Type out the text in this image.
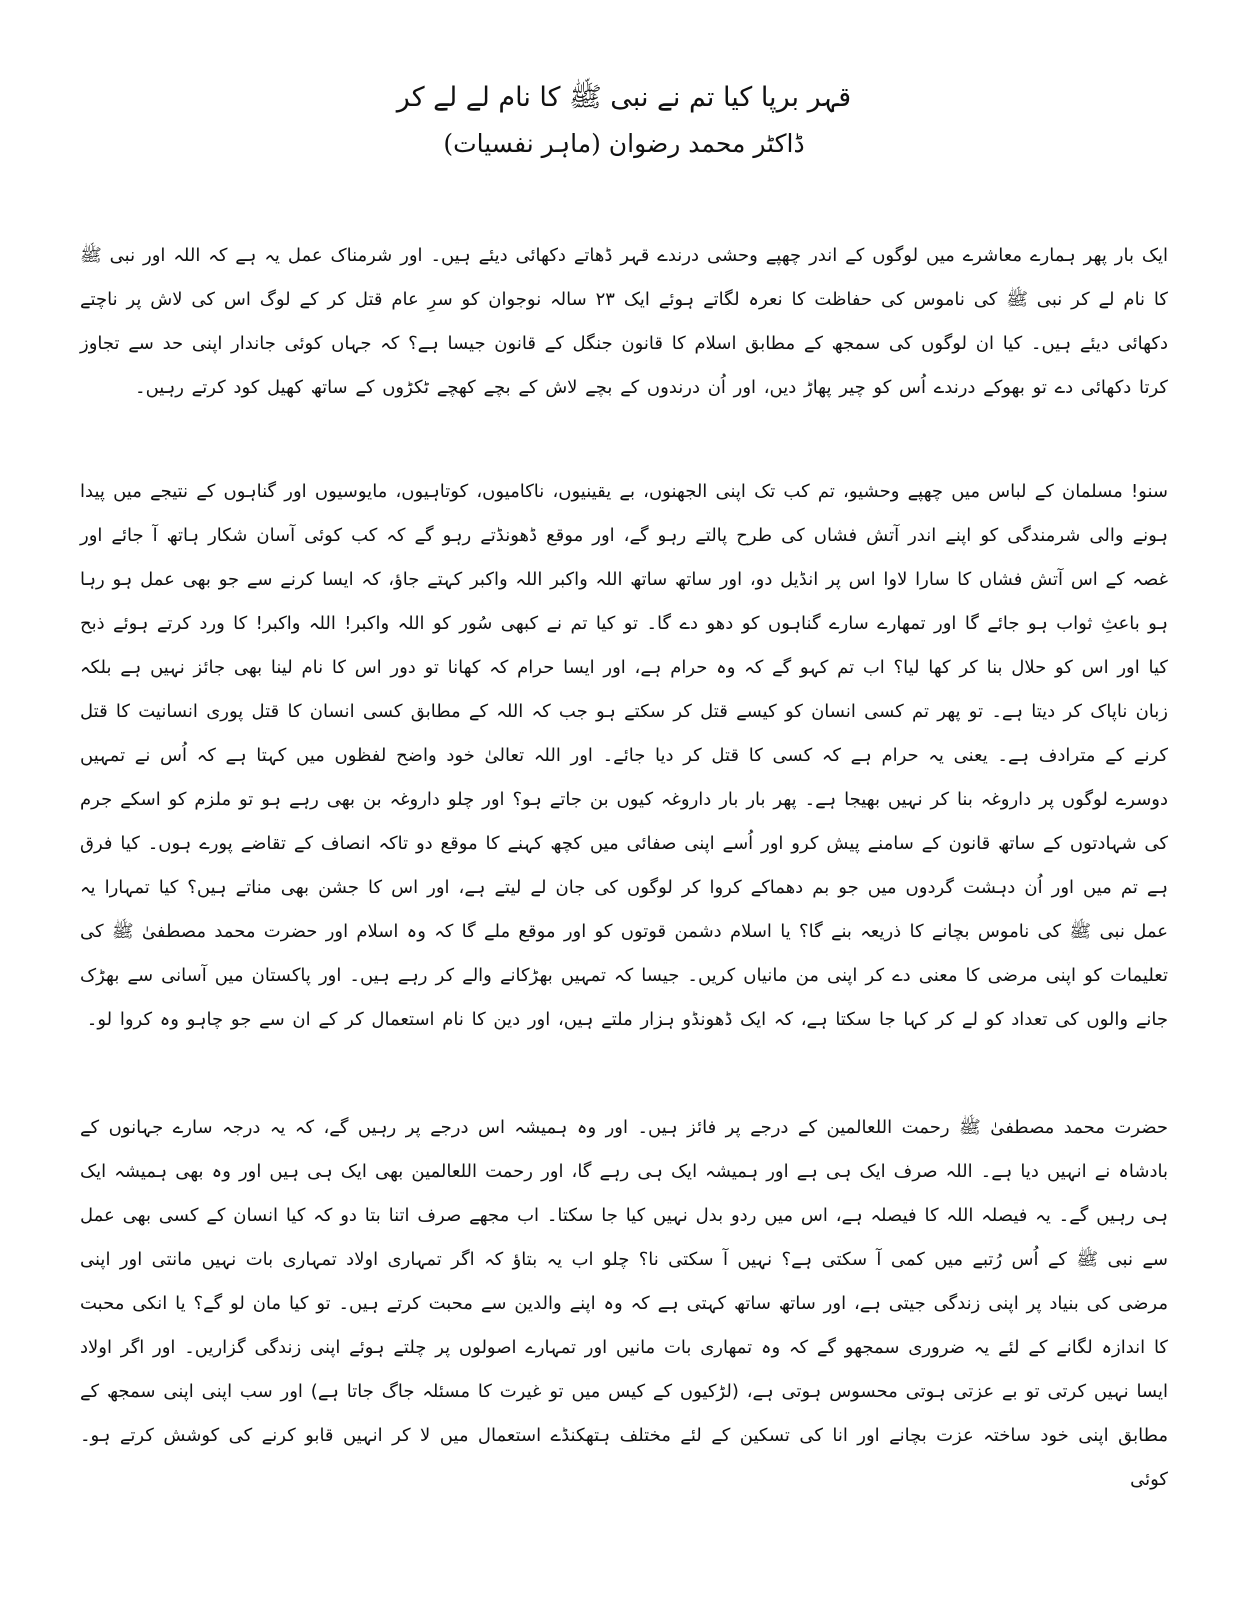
قہر برپا کیا تم نے نبی ﷺ کا نام لے لے کر
ڈاکٹر محمد رضوان (ماہر نفسیات)

ایک بار پھر ہمارے معاشرے میں لوگوں کے اندر چھپے وحشی درندے قہر ڈھاتے دکھائی دیئے ہیں۔ اور شرمناک عمل یہ ہے کہ اللہ اور نبی ﷺ کا نام لے کر نبی ﷺ کی ناموس کی حفاظت کا نعرہ لگاتے ہوئے ایک ۲۳ سالہ نوجوان کو سرِ عام قتل کر کے لوگ اس کی لاش پر ناچتے دکھائی دیئے ہیں۔ کیا ان لوگوں کی سمجھ کے مطابق اسلام کا قانون جنگل کے قانون جیسا ہے؟ کہ جہاں کوئی جاندار اپنی حد سے تجاوز کرتا دکھائی دے تو بھوکے درندے اُس کو چیر پھاڑ دیں، اور اُن درندوں کے بچے لاش کے بچے کھچے ٹکڑوں کے ساتھ کھیل کود کرتے رہیں۔

سنو! مسلمان کے لباس میں چھپے وحشیو، تم کب تک اپنی الجھنوں، بے یقینیوں، ناکامیوں، کوتاہیوں، مایوسیوں اور گناہوں کے نتیجے میں پیدا ہونے والی شرمندگی کو اپنے اندر آتش فشاں کی طرح پالتے رہو گے، اور موقع ڈھونڈتے رہو گے کہ کب کوئی آسان شکار ہاتھ آ جائے اور غصہ کے اس آتش فشاں کا سارا لاوا اس پر انڈیل دو، اور ساتھ ساتھ اللہ واکبر اللہ واکبر کہتے جاؤ، کہ ایسا کرنے سے جو بھی عمل ہو رہا ہو باعثِ ثواب ہو جائے گا اور تمھارے سارے گناہوں کو دھو دے گا۔ تو کیا تم نے کبھی سُور کو اللہ واکبر! اللہ واکبر! کا ورد کرتے ہوئے ذبح کیا اور اس کو حلال بنا کر کھا لیا؟ اب تم کہو گے کہ وہ حرام ہے، اور ایسا حرام کہ کھانا تو دور اس کا نام لینا بھی جائز نہیں ہے بلکہ زبان ناپاک کر دیتا ہے۔ تو پھر تم کسی انسان کو کیسے قتل کر سکتے ہو جب کہ اللہ کے مطابق کسی انسان کا قتل پوری انسانیت کا قتل کرنے کے مترادف ہے۔ یعنی یہ حرام ہے کہ کسی کا قتل کر دیا جائے۔ اور اللہ تعالیٰ خود واضح لفظوں میں کہتا ہے کہ اُس نے تمہیں دوسرے لوگوں پر داروغہ بنا کر نہیں بھیجا ہے۔ پھر بار بار داروغہ کیوں بن جاتے ہو؟ اور چلو داروغہ بن بھی رہے ہو تو ملزم کو اسکے جرم کی شہادتوں کے ساتھ قانون کے سامنے پیش کرو اور اُسے اپنی صفائی میں کچھ کہنے کا موقع دو تاکہ انصاف کے تقاضے پورے ہوں۔ کیا فرق ہے تم میں اور اُن دہشت گردوں میں جو بم دھماکے کروا کر لوگوں کی جان لے لیتے ہے، اور اس کا جشن بھی مناتے ہیں؟ کیا تمہارا یہ عمل نبی ﷺ کی ناموس بچانے کا ذریعہ بنے گا؟ یا اسلام دشمن قوتوں کو اور موقع ملے گا کہ وہ اسلام اور حضرت محمد مصطفیٰ ﷺ کی تعلیمات کو اپنی مرضی کا معنی دے کر اپنی من مانیاں کریں۔ جیسا کہ تمہیں بھڑکانے والے کر رہے ہیں۔ اور پاکستان میں آسانی سے بھڑک جانے والوں کی تعداد کو لے کر کہا جا سکتا ہے، کہ ایک ڈھونڈو ہزار ملتے ہیں، اور دین کا نام استعمال کر کے ان سے جو چاہو وہ کروا لو۔

حضرت محمد مصطفیٰ ﷺ رحمت اللعالمین کے درجے پر فائز ہیں۔ اور وہ ہمیشہ اس درجے پر رہیں گے، کہ یہ درجہ سارے جہانوں کے بادشاہ نے انہیں دیا ہے۔ اللہ صرف ایک ہی ہے اور ہمیشہ ایک ہی رہے گا، اور رحمت اللعالمین بھی ایک ہی ہیں اور وہ بھی ہمیشہ ایک ہی رہیں گے۔ یہ فیصلہ اللہ کا فیصلہ ہے، اس میں ردو بدل نہیں کیا جا سکتا۔ اب مجھے صرف اتنا بتا دو کہ کیا انسان کے کسی بھی عمل سے نبی ﷺ کے اُس رُتبے میں کمی آ سکتی ہے؟ نہیں آ سکتی نا؟ چلو اب یہ بتاؤ کہ اگر تمہاری اولاد تمہاری بات نہیں مانتی اور اپنی مرضی کی بنیاد پر اپنی زندگی جیتی ہے، اور ساتھ ساتھ کہتی ہے کہ وہ اپنے والدین سے محبت کرتے ہیں۔ تو کیا مان لو گے؟ یا انکی محبت کا اندازہ لگانے کے لئے یہ ضروری سمجھو گے کہ وہ تمھاری بات مانیں اور تمہارے اصولوں پر چلتے ہوئے اپنی زندگی گزاریں۔ اور اگر اولاد ایسا نہیں کرتی تو بے عزتی ہوتی محسوس ہوتی ہے، (لڑکیوں کے کیس میں تو غیرت کا مسئلہ جاگ جاتا ہے) اور سب اپنی اپنی سمجھ کے مطابق اپنی خود ساختہ عزت بچانے اور انا کی تسکین کے لئے مختلف ہتھکنڈے استعمال میں لا کر انہیں قابو کرنے کی کوشش کرتے ہو۔ کوئی
